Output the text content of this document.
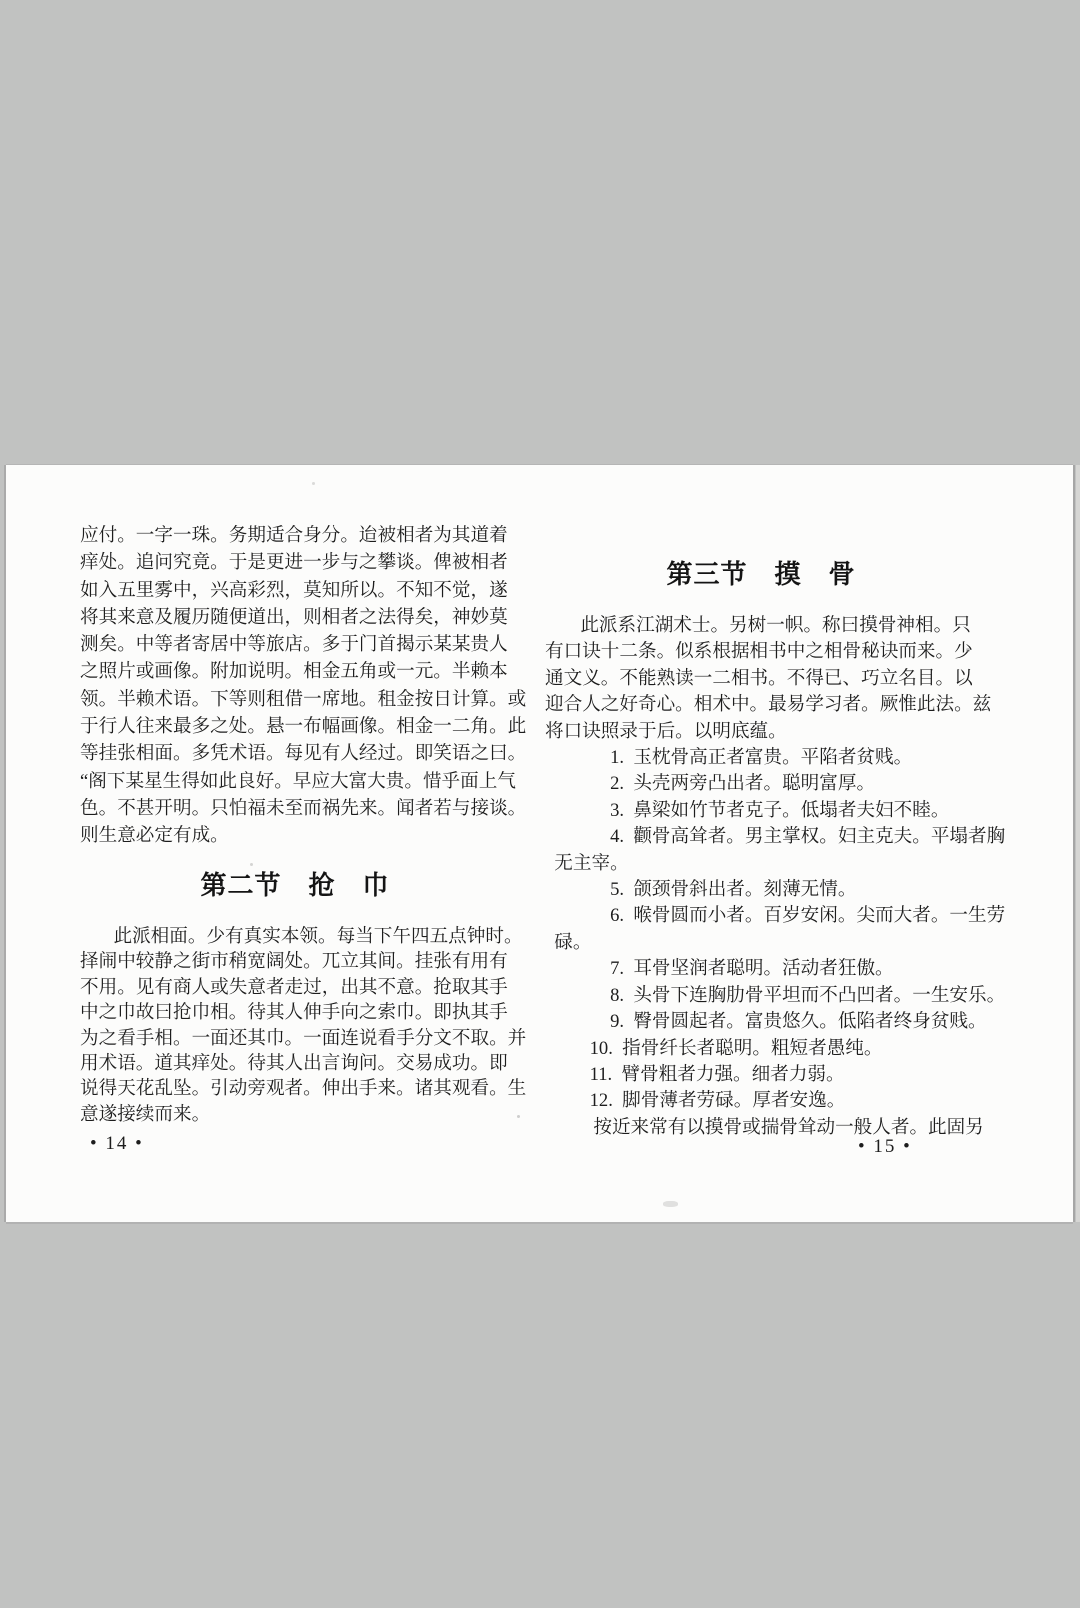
应付。一字一珠。务期适合身分。迨被相者为其道着
痒处。追问究竟。于是更进一步与之攀谈。俾被相者
如入五里雾中，兴高彩烈，莫知所以。不知不觉，遂
将其来意及履历随便道出，则相者之法得矣，神妙莫
测矣。中等者寄居中等旅店。多于门首揭示某某贵人
之照片或画像。附加说明。相金五角或一元。半赖本
领。半赖术语。下等则租借一席地。租金按日计算。或
于行人往来最多之处。悬一布幅画像。相金一二角。此
等挂张相面。多凭术语。每见有人经过。即笑语之曰。
“阁下某星生得如此良好。早应大富大贵。惜乎面上气
色。不甚开明。只怕福未至而祸先来。闻者若与接谈。
则生意必定有成。
第二节　抢　巾
此派相面。少有真实本领。每当下午四五点钟时。
择闹中较静之街市稍宽阔处。兀立其间。挂张有用有
不用。见有商人或失意者走过，出其不意。抢取其手
中之巾故曰抢巾相。待其人伸手向之索巾。即执其手
为之看手相。一面还其巾。一面连说看手分文不取。并
用术语。道其痒处。待其人出言询问。交易成功。即
说得天花乱坠。引动旁观者。伸出手来。诸其观看。生
意遂接续而来。
第三节　摸　骨
此派系江湖术士。另树一帜。称曰摸骨神相。只
有口诀十二条。似系根据相书中之相骨秘诀而来。少
通文义。不能熟读一二相书。不得已、巧立名目。以
迎合人之好奇心。相术中。最易学习者。厥惟此法。兹
将口诀照录于后。以明底蕴。
1.  玉枕骨高正者富贵。平陷者贫贱。
2.  头壳两旁凸出者。聪明富厚。
3.  鼻梁如竹节者克子。低塌者夫妇不睦。
4.  颧骨高耸者。男主掌权。妇主克夫。平塌者胸
无主宰。
5.  颌颈骨斜出者。刻薄无情。
6.  喉骨圆而小者。百岁安闲。尖而大者。一生劳
碌。
7.  耳骨坚润者聪明。活动者狂傲。
8.  头骨下连胸肋骨平坦而不凸凹者。一生安乐。
9.  臀骨圆起者。富贵悠久。低陷者终身贫贱。
10.  指骨纤长者聪明。粗短者愚纯。
11.  臂骨粗者力强。细者力弱。
12.  脚骨薄者劳碌。厚者安逸。
按近来常有以摸骨或揣骨耸动一般人者。此固另
• 14 •	• 15 •
